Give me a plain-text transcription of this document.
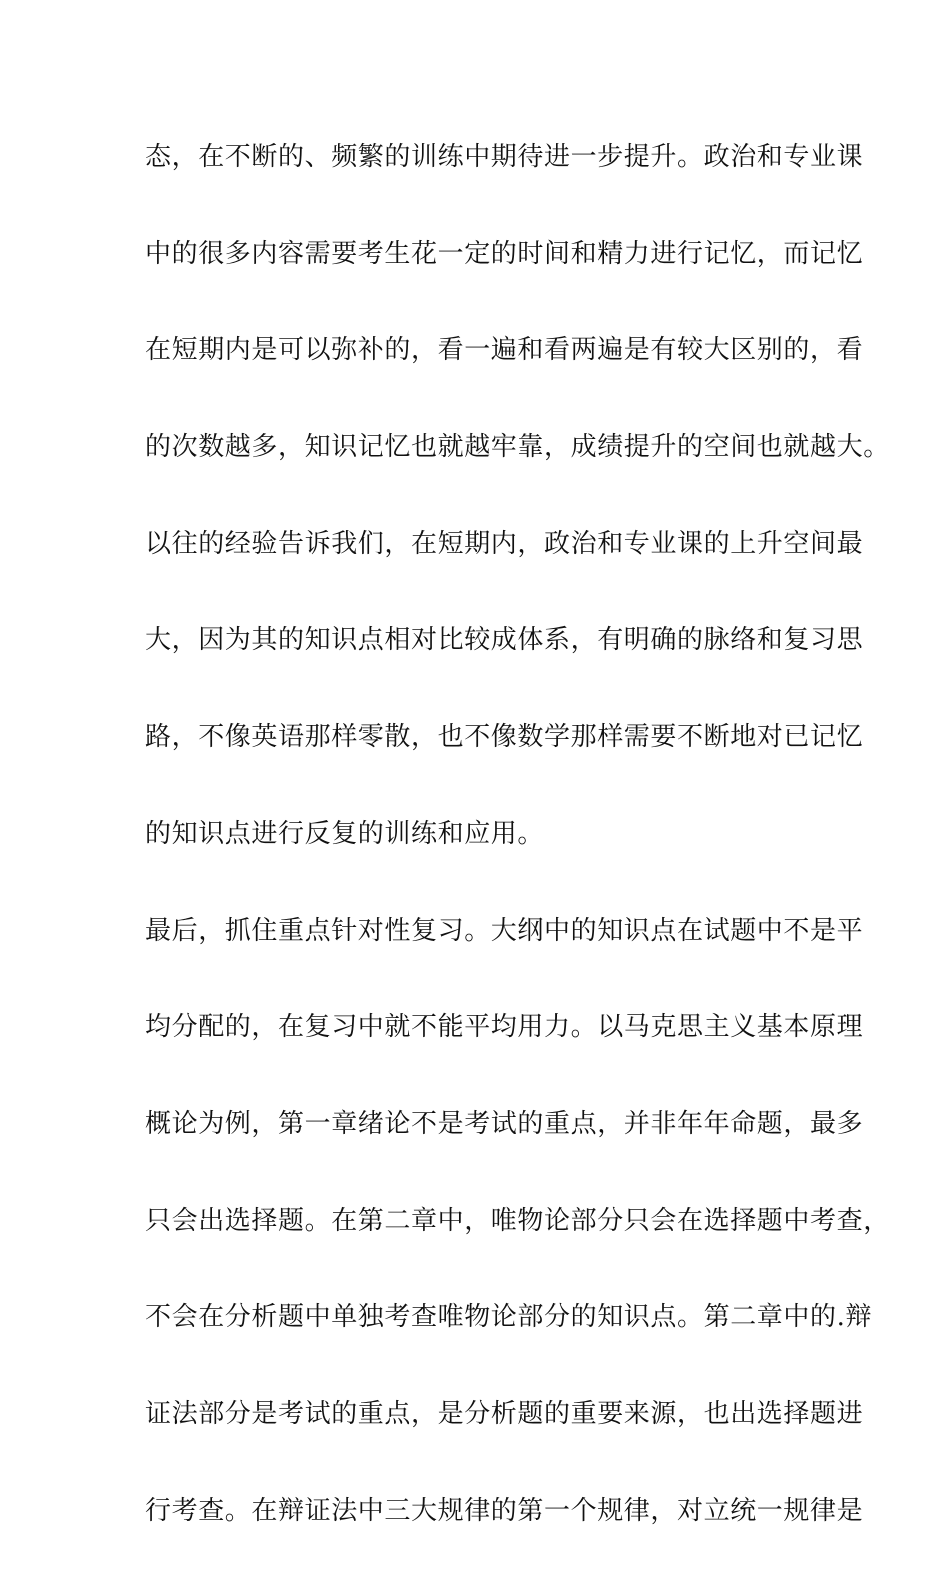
态，在不断的、频繁的训练中期待进一步提升。政治和专业课
中的很多内容需要考生花一定的时间和精力进行记忆，而记忆
在短期内是可以弥补的，看一遍和看两遍是有较大区别的，看
的次数越多，知识记忆也就越牢靠，成绩提升的空间也就越大。
以往的经验告诉我们，在短期内，政治和专业课的上升空间最
大，因为其的知识点相对比较成体系，有明确的脉络和复习思
路，不像英语那样零散，也不像数学那样需要不断地对已记忆
的知识点进行反复的训练和应用。
最后，抓住重点针对性复习。大纲中的知识点在试题中不是平
均分配的，在复习中就不能平均用力。以马克思主义基本原理
概论为例，第一章绪论不是考试的重点，并非年年命题，最多
只会出选择题。在第二章中，唯物论部分只会在选择题中考查，
不会在分析题中单独考查唯物论部分的知识点。第二章中的.辩
证法部分是考试的重点，是分析题的重要来源，也出选择题进
行考查。在辩证法中三大规律的第一个规律，对立统一规律是
